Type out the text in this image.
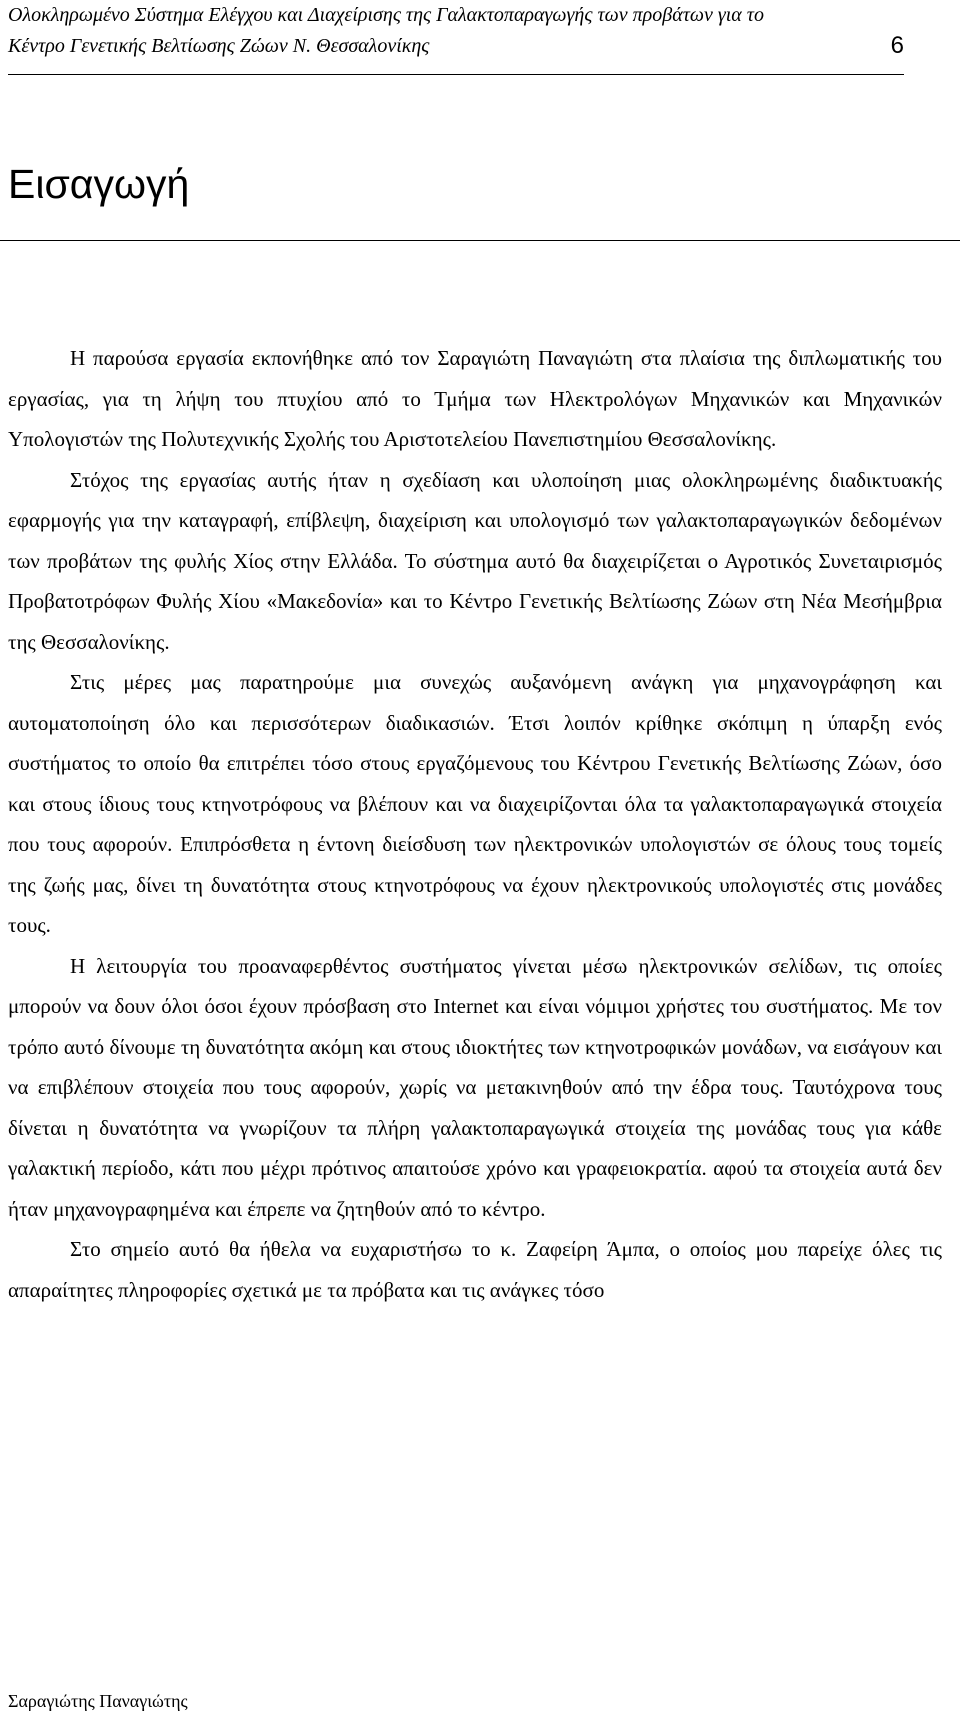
Ολοκληρωμένο Σύστημα Ελέγχου και Διαχείρισης της Γαλακτοπαραγωγής των προβάτων για το
Κέντρο Γενετικής Βελτίωσης Ζώων Ν. Θεσσαλονίκης	6
Εισαγωγή

Η παρούσα εργασία εκπονήθηκε από τον Σαραγιώτη Παναγιώτη στα πλαίσια της διπλωματικής του εργασίας, για τη λήψη του πτυχίου από το Τμήμα των Ηλεκτρολόγων Μηχανικών και Μηχανικών Υπολογιστών της Πολυτεχνικής Σχολής του Αριστοτελείου Πανεπιστημίου Θεσσαλονίκης.

Στόχος της εργασίας αυτής ήταν η σχεδίαση και υλοποίηση μιας ολοκληρωμένης διαδικτυακής εφαρμογής για την καταγραφή, επίβλεψη, διαχείριση και υπολογισμό των γαλακτοπαραγωγικών δεδομένων των προβάτων της φυλής Χίος στην Ελλάδα. Το σύστημα αυτό θα διαχειρίζεται ο Αγροτικός Συνεταιρισμός Προβατοτρόφων Φυλής Χίου «Μακεδονία» και το Κέντρο Γενετικής Βελτίωσης Ζώων στη Νέα Μεσήμβρια της Θεσσαλονίκης.

Στις μέρες μας παρατηρούμε μια συνεχώς αυξανόμενη ανάγκη για μηχανογράφηση και αυτοματοποίηση όλο και περισσότερων διαδικασιών. Έτσι λοιπόν κρίθηκε σκόπιμη η ύπαρξη ενός συστήματος το οποίο θα επιτρέπει τόσο στους εργαζόμενους του Κέντρου Γενετικής Βελτίωσης Ζώων, όσο και στους ίδιους τους κτηνοτρόφους να βλέπουν και να διαχειρίζονται όλα τα γαλακτοπαραγωγικά στοιχεία που τους αφορούν. Επιπρόσθετα η έντονη διείσδυση των ηλεκτρονικών υπολογιστών σε όλους τους τομείς της ζωής μας, δίνει τη δυνατότητα στους κτηνοτρόφους να έχουν ηλεκτρονικούς υπολογιστές στις μονάδες τους.

Η λειτουργία του προαναφερθέντος συστήματος γίνεται μέσω ηλεκτρονικών σελίδων, τις οποίες μπορούν να δουν όλοι όσοι έχουν πρόσβαση στο Internet και είναι νόμιμοι χρήστες του συστήματος. Με τον τρόπο αυτό δίνουμε τη δυνατότητα ακόμη και στους ιδιοκτήτες των κτηνοτροφικών μονάδων, να εισάγουν και να επιβλέπουν στοιχεία που τους αφορούν, χωρίς να μετακινηθούν από την έδρα τους. Ταυτόχρονα τους δίνεται η δυνατότητα να γνωρίζουν τα πλήρη γαλακτοπαραγωγικά στοιχεία της μονάδας τους για κάθε γαλακτική περίοδο, κάτι που μέχρι πρότινος απαιτούσε χρόνο και γραφειοκρατία. αφού τα στοιχεία αυτά δεν ήταν μηχανογραφημένα και έπρεπε να ζητηθούν από το κέντρο.

Στο σημείο αυτό θα ήθελα να ευχαριστήσω το κ. Ζαφείρη Άμπα, ο οποίος μου παρείχε όλες τις απαραίτητες πληροφορίες σχετικά με τα πρόβατα και τις ανάγκες τόσο

Σαραγιώτης Παναγιώτης
